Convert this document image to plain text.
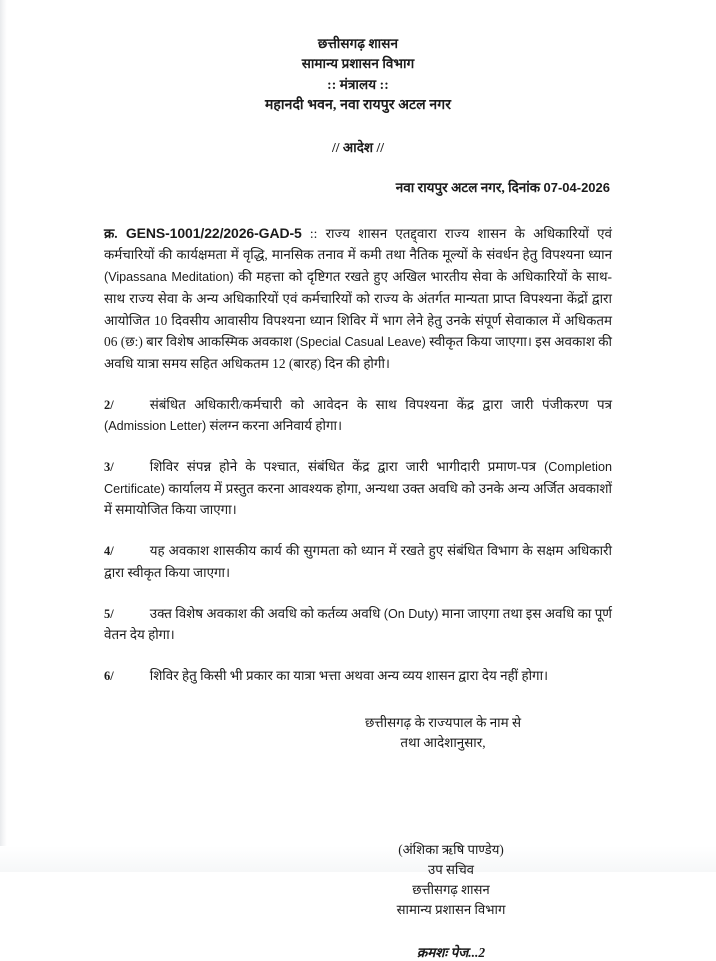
छत्तीसगढ़ शासन
सामान्य प्रशासन विभाग
:: मंत्रालय ::
महानदी भवन, नवा रायपुर अटल नगर
// आदेश //
नवा रायपुर अटल नगर, दिनांक 07-04-2026
क्र. GENS-1001/22/2026-GAD-5 :: राज्य शासन एतद्द्वारा राज्य शासन के अधिकारियों एवं कर्मचारियों की कार्यक्षमता में वृद्धि, मानसिक तनाव में कमी तथा नैतिक मूल्यों के संवर्धन हेतु विपश्यना ध्यान (Vipassana Meditation) की महत्ता को दृष्टिगत रखते हुए अखिल भारतीय सेवा के अधिकारियों के साथ-साथ राज्य सेवा के अन्य अधिकारियों एवं कर्मचारियों को राज्य के अंतर्गत मान्यता प्राप्त विपश्यना केंद्रों द्वारा आयोजित 10 दिवसीय आवासीय विपश्यना ध्यान शिविर में भाग लेने हेतु उनके संपूर्ण सेवाकाल में अधिकतम 06 (छ:) बार विशेष आकस्मिक अवकाश (Special Casual Leave) स्वीकृत किया जाएगा। इस अवकाश की अवधि यात्रा समय सहित अधिकतम 12 (बारह) दिन की होगी।
2/	संबंधित अधिकारी/कर्मचारी को आवेदन के साथ विपश्यना केंद्र द्वारा जारी पंजीकरण पत्र (Admission Letter) संलग्न करना अनिवार्य होगा।
3/	शिविर संपन्न होने के पश्चात, संबंधित केंद्र द्वारा जारी भागीदारी प्रमाण-पत्र (Completion Certificate) कार्यालय में प्रस्तुत करना आवश्यक होगा, अन्यथा उक्त अवधि को उनके अन्य अर्जित अवकाशों में समायोजित किया जाएगा।
4/	यह अवकाश शासकीय कार्य की सुगमता को ध्यान में रखते हुए संबंधित विभाग के सक्षम अधिकारी द्वारा स्वीकृत किया जाएगा।
5/	उक्त विशेष अवकाश की अवधि को कर्तव्य अवधि (On Duty) माना जाएगा तथा इस अवधि का पूर्ण वेतन देय होगा।
6/	शिविर हेतु किसी भी प्रकार का यात्रा भत्ता अथवा अन्य व्यय शासन द्वारा देय नहीं होगा।
छत्तीसगढ़ के राज्यपाल के नाम से
तथा आदेशानुसार,
(अंशिका ऋषि पाण्डेय)
उप सचिव
छत्तीसगढ़ शासन
सामान्य प्रशासन विभाग
क्रमशः पेज...2
